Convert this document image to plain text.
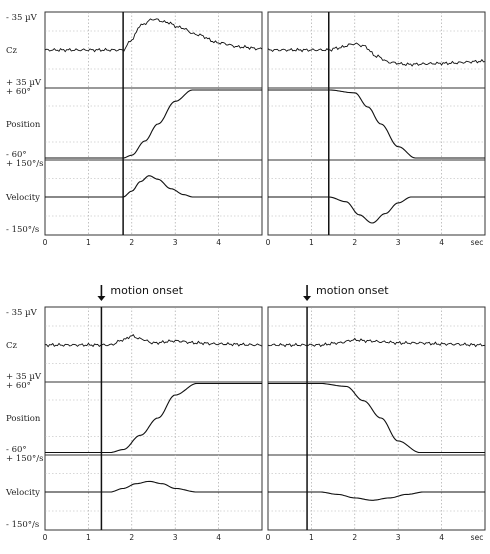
0	1	2	3	4	0	1	2	3	4	sec
motion onset
0	1	2	3	4
motion onset
0	1	2	3	4	sec
- 35 µV
Cz
+ 35 µV
+ 60°
Position
- 60°
+ 150°/s
Velocity
- 150°/s
- 35 µV
Cz
+ 35 µV
+ 60°
Position
- 60°
+ 150°/s
Velocity
- 150°/s
